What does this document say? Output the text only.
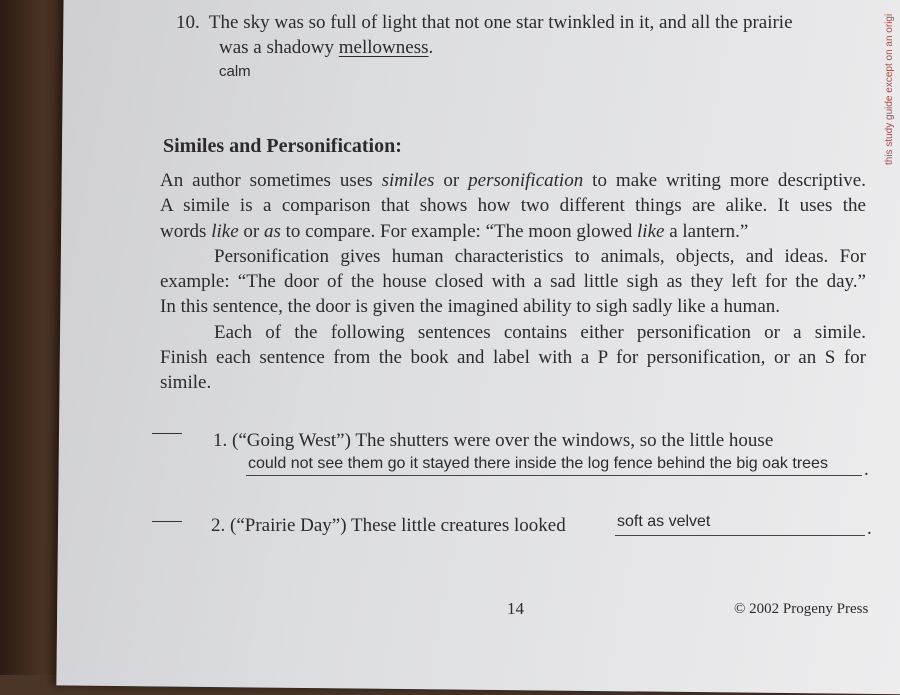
this study guide except on an origi
10. The sky was so full of light that not one star twinkled in it, and all the prairie
was a shadowy mellowness.
calm
Similes and Personification:

An author sometimes uses similes or personification to make writing more descriptive.

A simile is a comparison that shows how two different things are alike. It uses the

words like or as to compare. For example: “The moon glowed like a lantern.”

Personification gives human characteristics to animals, objects, and ideas. For

example: “The door of the house closed with a sad little sigh as they left for the day.”

In this sentence, the door is given the imagined ability to sigh sadly like a human.

Each of the following sentences contains either personification or a simile.

Finish each sentence from the book and label with a P for personification, or an S for

simile.

1. (“Going West”) The shutters were over the windows, so the little house
could not see them go it stayed there inside the log fence behind the big oak trees .
2. (“Prairie Day”) These little creatures looked	soft as velvet	.
14	© 2002 Progeny Press
